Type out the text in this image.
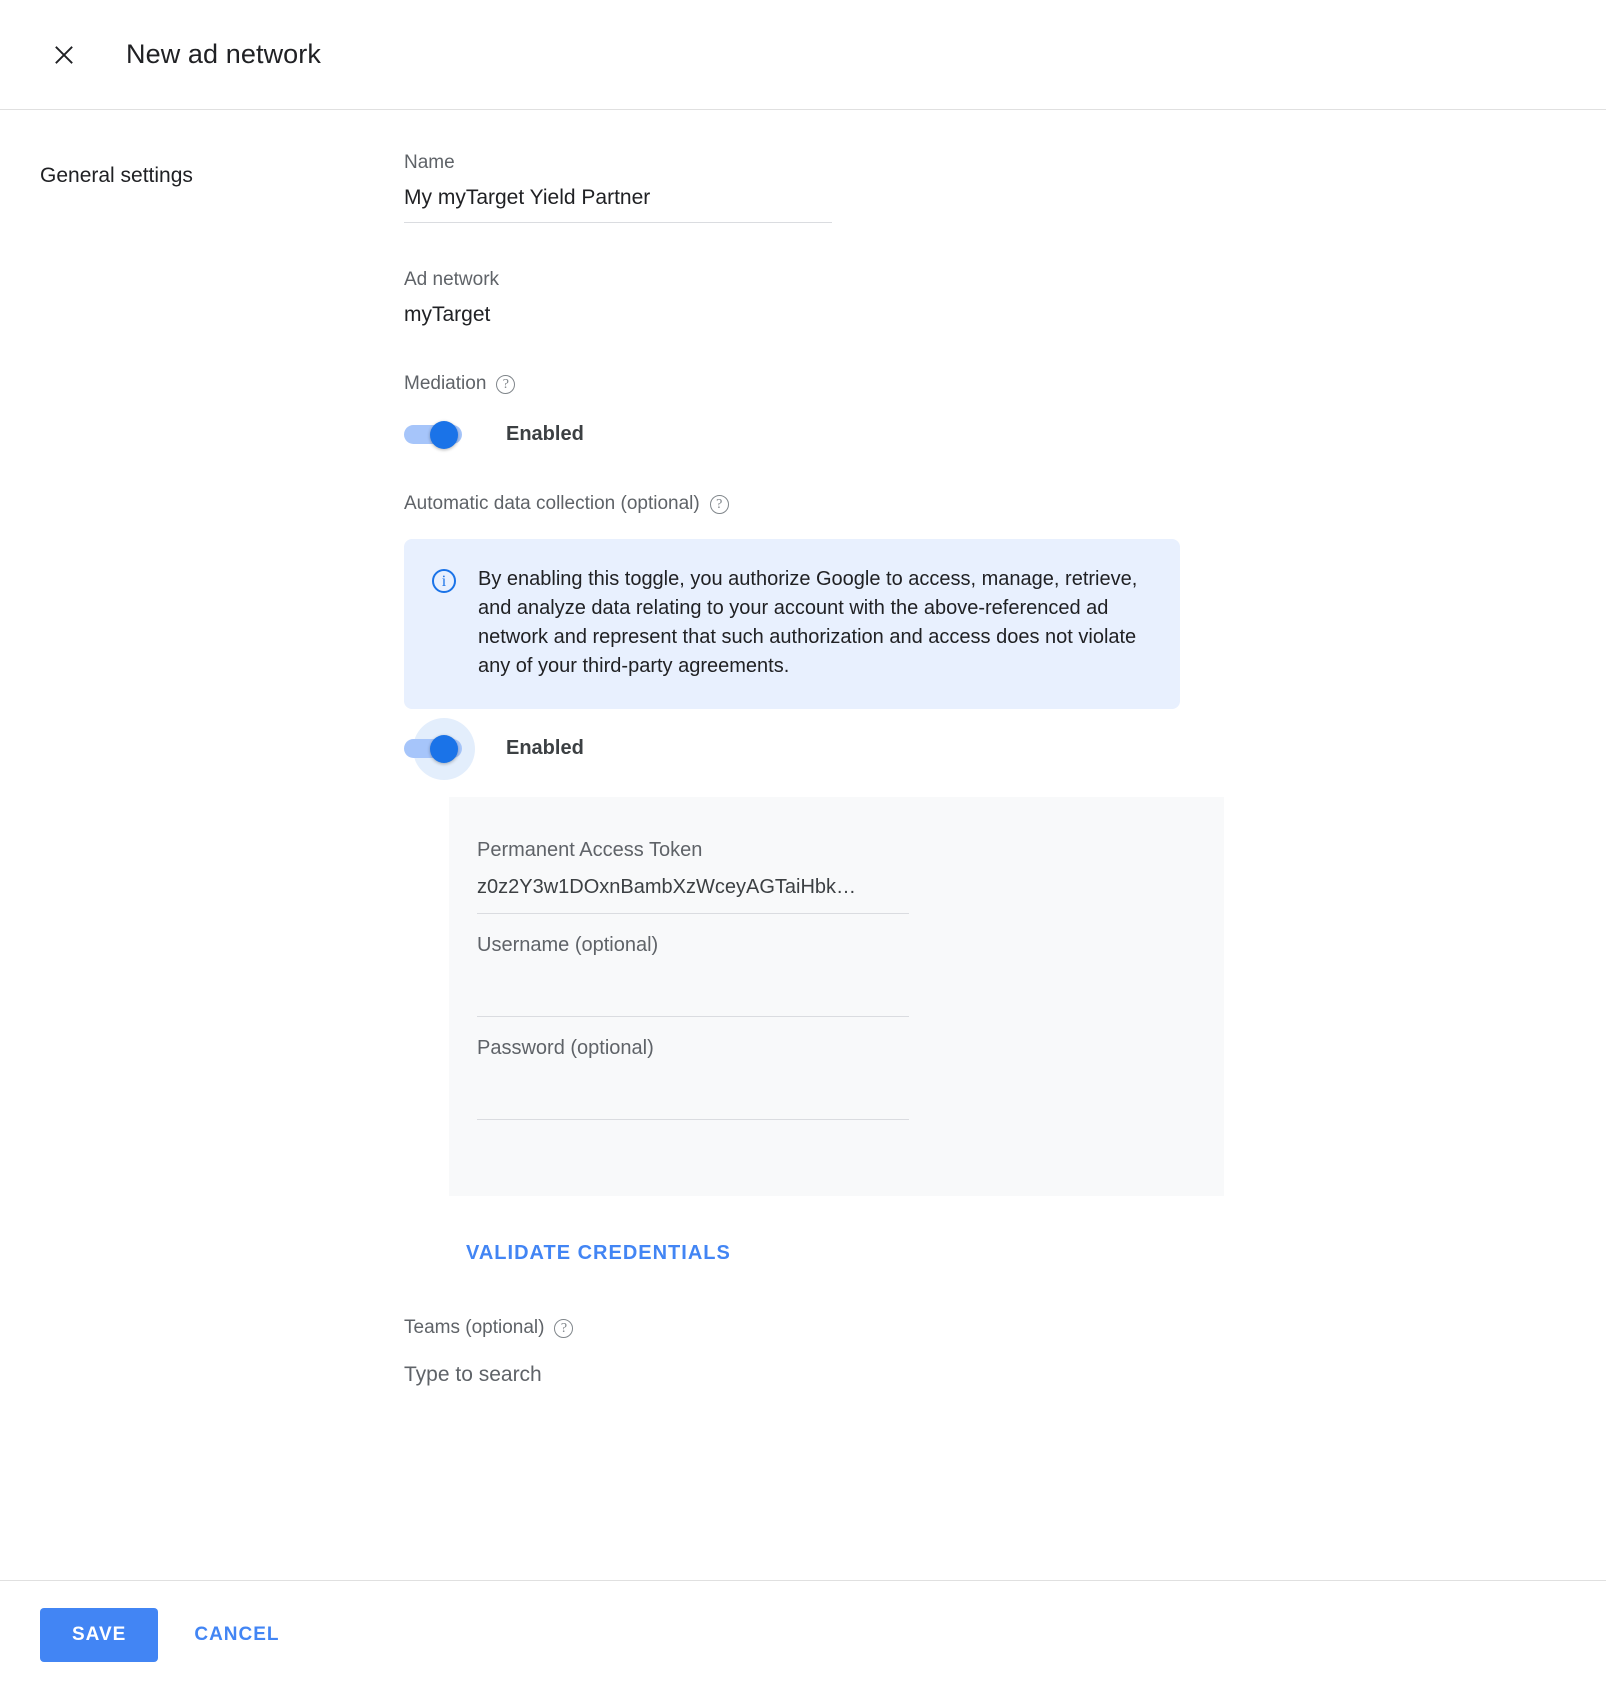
New ad network
General settings
Name
My myTarget Yield Partner
Ad network
myTarget
Mediation	?
Enabled
Automatic data collection (optional)	?
i	By enabling this toggle, you authorize Google to access, manage, retrieve, and analyze data relating to your account with the above-referenced ad network and represent that such authorization and access does not violate any of your third-party agreements.
Enabled
Permanent Access Token
z0z2Y3w1DOxnBambXzWceyAGTaiHbk…
Username (optional)
Password (optional)
VALIDATE CREDENTIALS
Teams (optional)	?
Type to search
SAVE	CANCEL
